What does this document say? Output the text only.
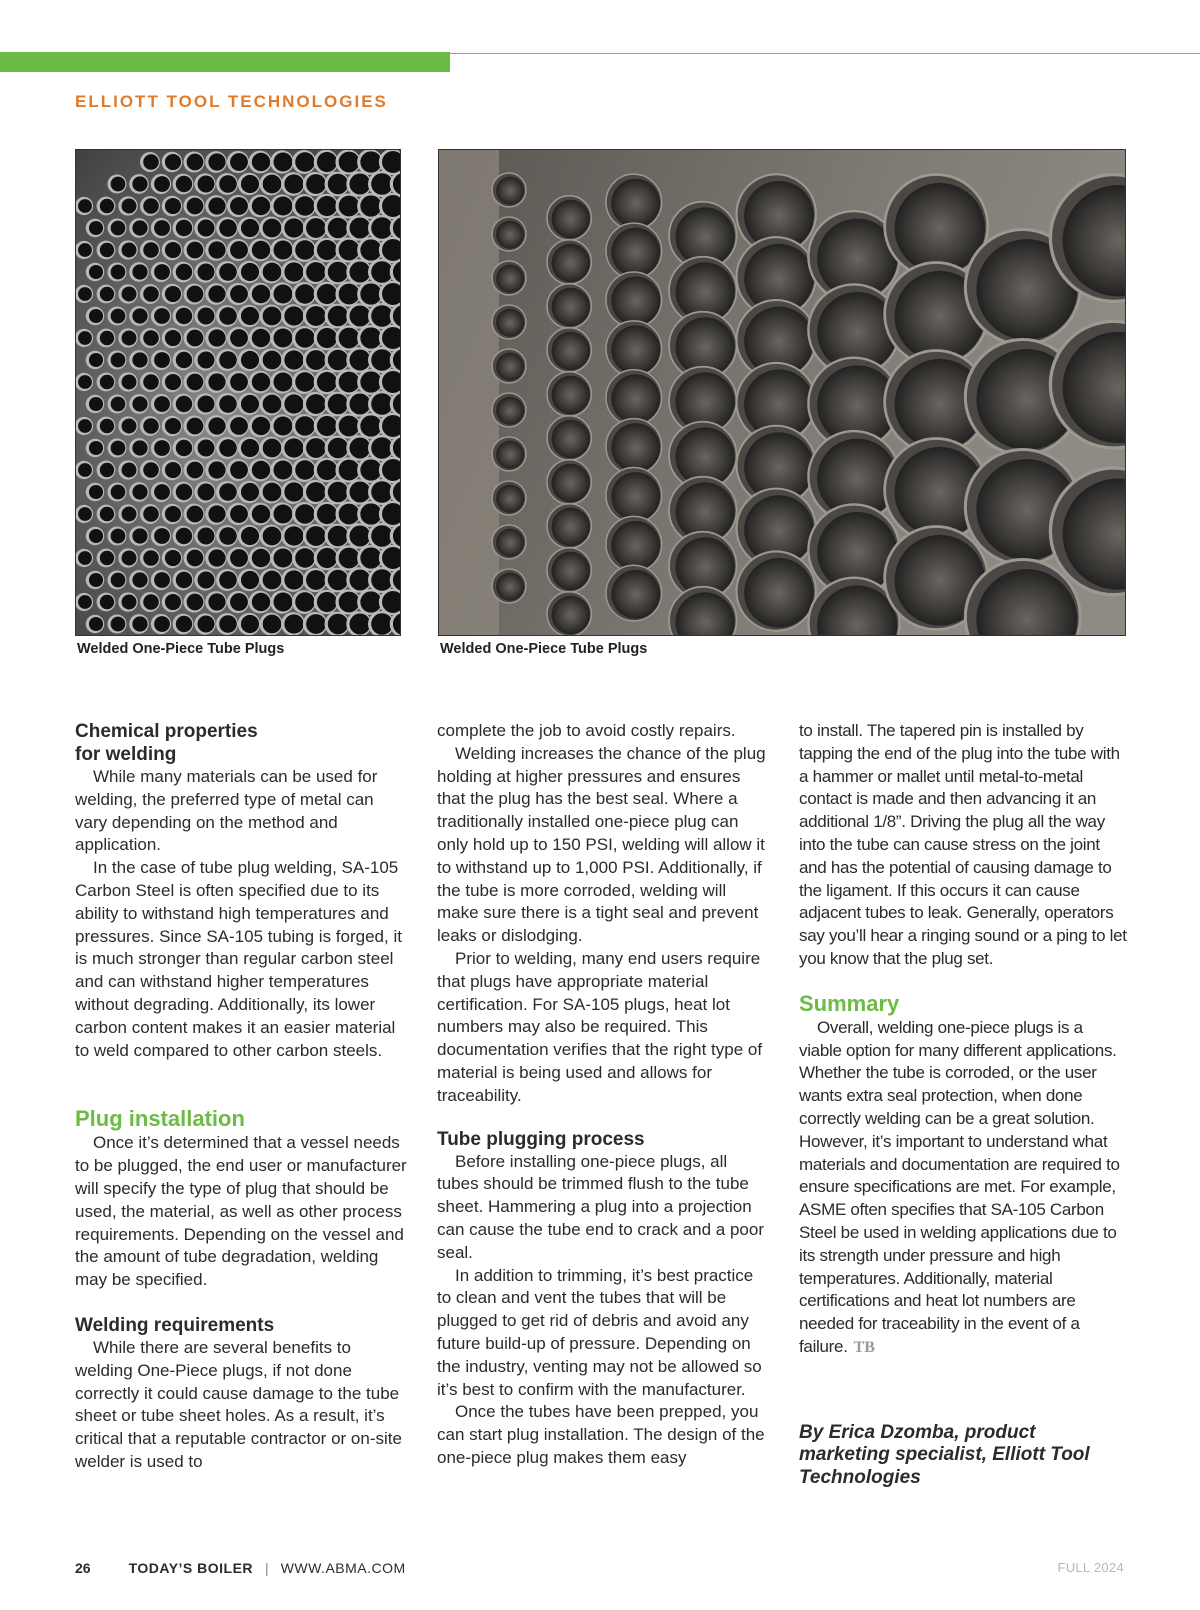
ELLIOTT TOOL TECHNOLOGIES
Welded One-Piece Tube Plugs	Welded One-Piece Tube Plugs
Chemical properties
for welding

While many materials can be used for welding, the preferred type of metal can vary depending on the method and application.

In the case of tube plug welding, SA-105 Carbon Steel is often specified due to its ability to withstand high temperatures and pressures. Since SA-105 tubing is forged, it is much stronger than regular carbon steel and can withstand higher temperatures without degrading. Additionally, its lower carbon content makes it an easier material to weld compared to other carbon steels.

Plug installation

Once it’s determined that a vessel needs to be plugged, the end user or manufacturer will specify the type of plug that should be used, the material, as well as other process requirements. Depending on the vessel and the amount of tube degradation, welding may be specified.

Welding requirements

While there are several benefits to welding One-Piece plugs, if not done correctly it could cause damage to the tube sheet or tube sheet holes. As a result, it’s critical that a reputable contractor or on-site welder is used to

complete the job to avoid costly repairs.

Welding increases the chance of the plug holding at higher pressures and ensures that the plug has the best seal. Where a traditionally installed one-piece plug can only hold up to 150 PSI, welding will allow it to withstand up to 1,000 PSI. Additionally, if the tube is more corroded, welding will make sure there is a tight seal and prevent leaks or dislodging.

Prior to welding, many end users require that plugs have appropriate material certification. For SA-105 plugs, heat lot numbers may also be required. This documentation verifies that the right type of material is being used and allows for traceability.

Tube plugging process

Before installing one-piece plugs, all tubes should be trimmed flush to the tube sheet. Hammering a plug into a projection can cause the tube end to crack and a poor seal.

In addition to trimming, it’s best practice to clean and vent the tubes that will be plugged to get rid of debris and avoid any future build-up of pressure. Depending on the industry, venting may not be allowed so it’s best to confirm with the manufacturer.

Once the tubes have been prepped, you can start plug installation. The design of the one-piece plug makes them easy

to install. The tapered pin is installed by tapping the end of the plug into the tube with a hammer or mallet until metal-to-metal contact is made and then advancing it an additional 1/8”. Driving the plug all the way into the tube can cause stress on the joint and has the potential of causing damage to the ligament. If this occurs it can cause adjacent tubes to leak. Generally, operators say you’ll hear a ringing sound or a ping to let you know that the plug set.

Summary

Overall, welding one-piece plugs is a viable option for many different applications. Whether the tube is corroded, or the user wants extra seal protection, when done correctly welding can be a great solution. However, it’s important to understand what materials and documentation are required to ensure specifications are met. For example, ASME often specifies that SA-105 Carbon Steel be used in welding applications due to its strength under pressure and high temperatures. Additionally, material certifications and heat lot numbers are needed for traceability in the event of a failure. TB

By Erica Dzomba, product marketing specialist, Elliott Tool Technologies
26	TODAY’S BOILER | WWW.ABMA.COM	FULL 2024
